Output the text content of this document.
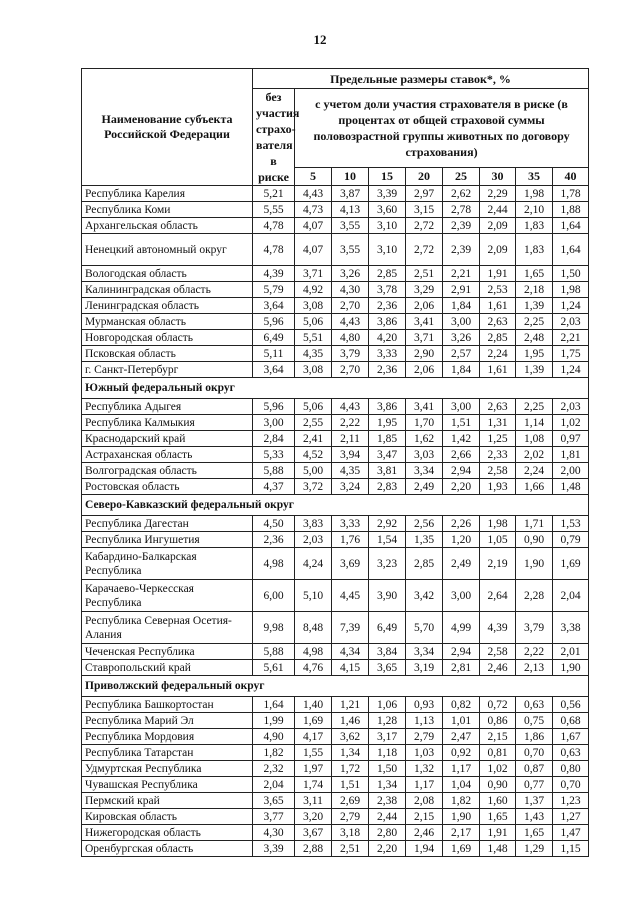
12
Наименование субъекта Российской Федерации	Предельные размеры ставок*, %								
	без участия страхо-вателя в риске	с учетом доли участия страхователя в риске (в процентах от общей страховой суммы половозрастной группы животных по договору страхования)							
		5	10	15	20	25	30	35	40
Республика Карелия	5,21	4,43	3,87	3,39	2,97	2,62	2,29	1,98	1,78
Республика Коми	5,55	4,73	4,13	3,60	3,15	2,78	2,44	2,10	1,88
Архангельская область	4,78	4,07	3,55	3,10	2,72	2,39	2,09	1,83	1,64
Ненецкий автономный округ	4,78	4,07	3,55	3,10	2,72	2,39	2,09	1,83	1,64
Вологодская область	4,39	3,71	3,26	2,85	2,51	2,21	1,91	1,65	1,50
Калининградская область	5,79	4,92	4,30	3,78	3,29	2,91	2,53	2,18	1,98
Ленинградская область	3,64	3,08	2,70	2,36	2,06	1,84	1,61	1,39	1,24
Мурманская область	5,96	5,06	4,43	3,86	3,41	3,00	2,63	2,25	2,03
Новгородская область	6,49	5,51	4,80	4,20	3,71	3,26	2,85	2,48	2,21
Псковская область	5,11	4,35	3,79	3,33	2,90	2,57	2,24	1,95	1,75
г. Санкт-Петербург	3,64	3,08	2,70	2,36	2,06	1,84	1,61	1,39	1,24
Южный федеральный округ									
Республика Адыгея	5,96	5,06	4,43	3,86	3,41	3,00	2,63	2,25	2,03
Республика Калмыкия	3,00	2,55	2,22	1,95	1,70	1,51	1,31	1,14	1,02
Краснодарский край	2,84	2,41	2,11	1,85	1,62	1,42	1,25	1,08	0,97
Астраханская область	5,33	4,52	3,94	3,47	3,03	2,66	2,33	2,02	1,81
Волгоградская область	5,88	5,00	4,35	3,81	3,34	2,94	2,58	2,24	2,00
Ростовская область	4,37	3,72	3,24	2,83	2,49	2,20	1,93	1,66	1,48
Северо-Кавказский федеральный округ									
Республика Дагестан	4,50	3,83	3,33	2,92	2,56	2,26	1,98	1,71	1,53
Республика Ингушетия	2,36	2,03	1,76	1,54	1,35	1,20	1,05	0,90	0,79
Кабардино-Балкарская Республика	4,98	4,24	3,69	3,23	2,85	2,49	2,19	1,90	1,69
Карачаево-Черкесская Республика	6,00	5,10	4,45	3,90	3,42	3,00	2,64	2,28	2,04
Республика Северная Осетия-Алания	9,98	8,48	7,39	6,49	5,70	4,99	4,39	3,79	3,38
Чеченская Республика	5,88	4,98	4,34	3,84	3,34	2,94	2,58	2,22	2,01
Ставропольский край	5,61	4,76	4,15	3,65	3,19	2,81	2,46	2,13	1,90
Приволжский федеральный округ									
Республика Башкортостан	1,64	1,40	1,21	1,06	0,93	0,82	0,72	0,63	0,56
Республика Марий Эл	1,99	1,69	1,46	1,28	1,13	1,01	0,86	0,75	0,68
Республика Мордовия	4,90	4,17	3,62	3,17	2,79	2,47	2,15	1,86	1,67
Республика Татарстан	1,82	1,55	1,34	1,18	1,03	0,92	0,81	0,70	0,63
Удмуртская Республика	2,32	1,97	1,72	1,50	1,32	1,17	1,02	0,87	0,80
Чувашская Республика	2,04	1,74	1,51	1,34	1,17	1,04	0,90	0,77	0,70
Пермский край	3,65	3,11	2,69	2,38	2,08	1,82	1,60	1,37	1,23
Кировская область	3,77	3,20	2,79	2,44	2,15	1,90	1,65	1,43	1,27
Нижегородская область	4,30	3,67	3,18	2,80	2,46	2,17	1,91	1,65	1,47
Оренбургская область	3,39	2,88	2,51	2,20	1,94	1,69	1,48	1,29	1,15
